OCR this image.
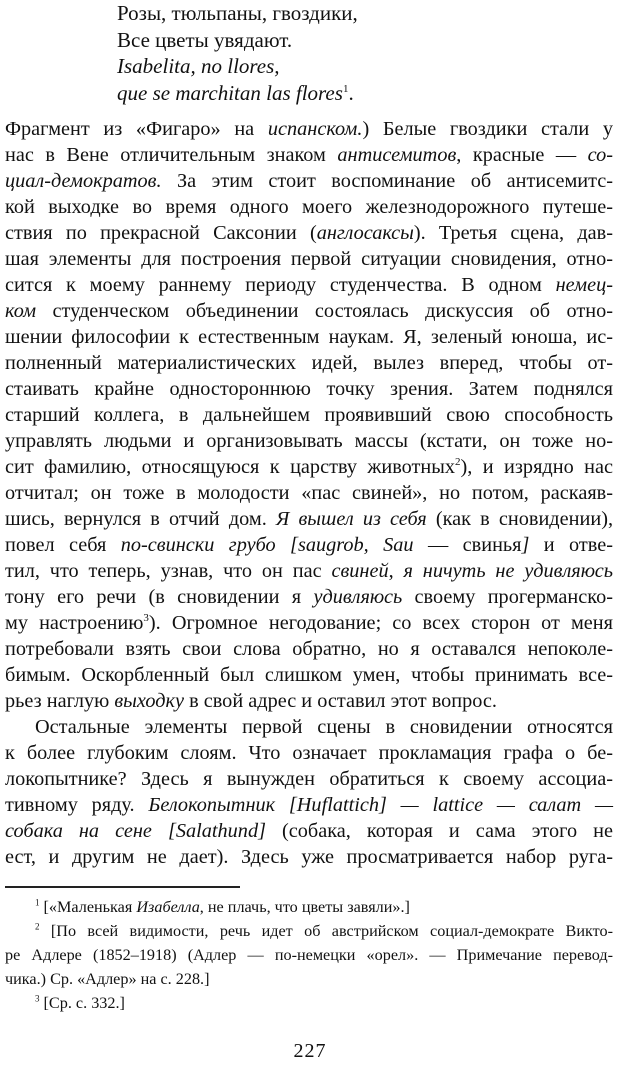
Розы, тюльпаны, гвоздики,
Все цветы увядают.
Isabelita, no llores,
que se marchitan las flores$^1$.
Фрагмент из «Фигаро» на испанском.) Белые гвоздики стали у
нас в Вене отличительным знаком антисемитов, красные — со-
циал-демократов. За этим стоит воспоминание об антисемитс-
кой выходке во время одного моего железнодорожного путеше-
ствия по прекрасной Саксонии (англосаксы). Третья сцена, дав-
шая элементы для построения первой ситуации сновидения, отно-
сится к моему раннему периоду студенчества. В одном немец-
ком студенческом объединении состоялась дискуссия об отно-
шении философии к естественным наукам. Я, зеленый юноша, ис-
полненный материалистических идей, вылез вперед, чтобы от-
стаивать крайне одностороннюю точку зрения. Затем поднялся
старший коллега, в дальнейшем проявивший свою способность
управлять людьми и организовывать массы (кстати, он тоже но-
сит фамилию, относящуюся к царству животных$^2$), и изрядно нас
отчитал; он тоже в молодости «пас свиней», но потом, раскаяв-
шись, вернулся в отчий дом. Я вышел из себя (как в сновидении),
повел себя по-свински грубо [saugrob, Sau — свинья] и отве-
тил, что теперь, узнав, что он пас свиней, я ничуть не удивляюсь
тону его речи (в сновидении я удивляюсь своему прогерманско-
му настроению$^3$). Огромное негодование; со всех сторон от меня
потребовали взять свои слова обратно, но я оставался непоколе-
бимым. Оскорбленный был слишком умен, чтобы принимать все-
рьез наглую выходку в свой адрес и оставил этот вопрос.
Остальные элементы первой сцены в сновидении относятся
к более глубоким слоям. Что означает прокламация графа о бе-
локопытнике? Здесь я вынужден обратиться к своему ассоциа-
тивному ряду. Белокопытник [Huflattich] — lattice — салат —
собака на сене [Salathund] (собака, которая и сама этого не
ест, и другим не дает). Здесь уже просматривается набор руга-
$^1$ [«Маленькая Изабелла, не плачь, что цветы завяли».]
$^2$ [По всей видимости, речь идет об австрийском социал-демократе Викто-
ре Адлере (1852–1918) (Адлер — по-немецки «орел». — Примечание перевод-
чика.) Ср. «Адлер» на с. 228.]
$^3$ [Ср. с. 332.]
227
